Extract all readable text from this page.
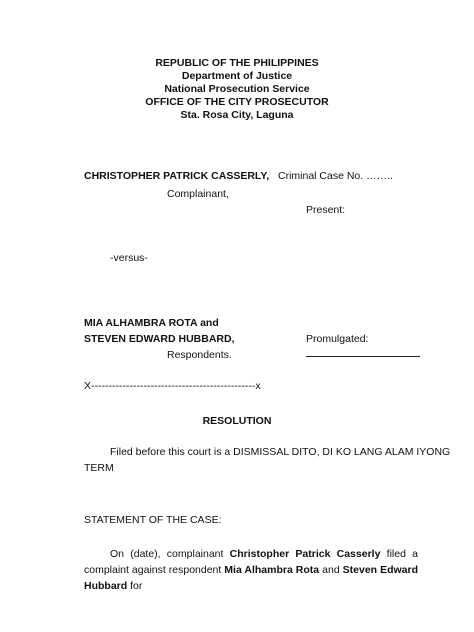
REPUBLIC OF THE PHILIPPINES
Department of Justice
National Prosecution Service
OFFICE OF THE CITY PROSECUTOR
Sta. Rosa City, Laguna
CHRISTOPHER PATRICK CASSERLY, Criminal Case No. ……..
Complainant,
Present:
-versus-
MIA ALHAMBRA ROTA and
STEVEN EDWARD HUBBARD,	Promulgated:
Respondents.
X-----------------------------------------------x
RESOLUTION
Filed before this court is a DISMISSAL DITO, DI KO LANG ALAM IYONG
TERM
STATEMENT OF THE CASE:
On (date), complainant Christopher Patrick Casserly filed a complaint against respondent Mia Alhambra Rota and Steven Edward Hubbard for
